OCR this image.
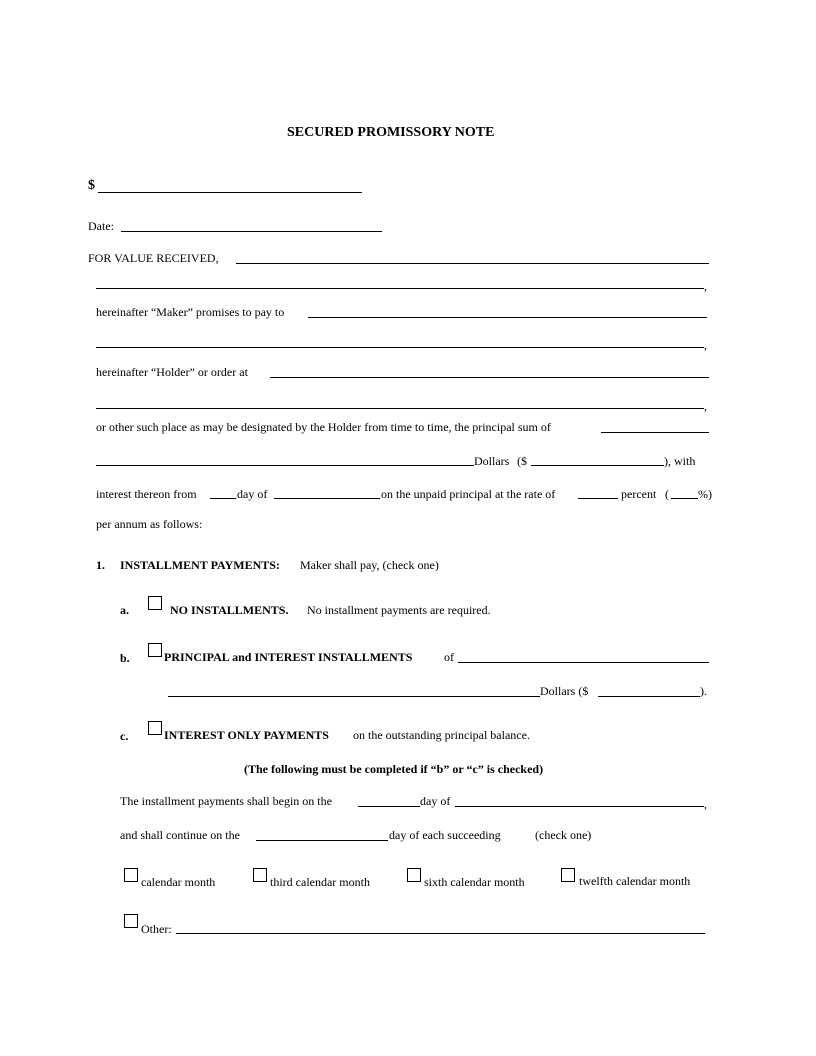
SECURED PROMISSORY NOTE
$
Date:
FOR VALUE RECEIVED,
,
hereinafter “Maker” promises to pay to
,
hereinafter “Holder” or order at
,
or other such place as may be designated by the Holder from time to time, the principal sum of
Dollars ($	), with
interest thereon from	day of	on the unpaid principal at the rate of	percent ( %)
per annum as follows:
1. INSTALLMENT PAYMENTS: Maker shall pay, (check one)
a.	NO INSTALLMENTS. No installment payments are required.
b.	PRINCIPAL and INTEREST INSTALLMENTS	of
Dollars ($	).
c.	INTEREST ONLY PAYMENTS on the outstanding principal balance.
(The following must be completed if “b” or “c” is checked)
The installment payments shall begin on the	day of	,
and shall continue on the	day of each succeeding	(check one)
calendar month	third calendar month	sixth calendar month	twelfth calendar month
Other:
